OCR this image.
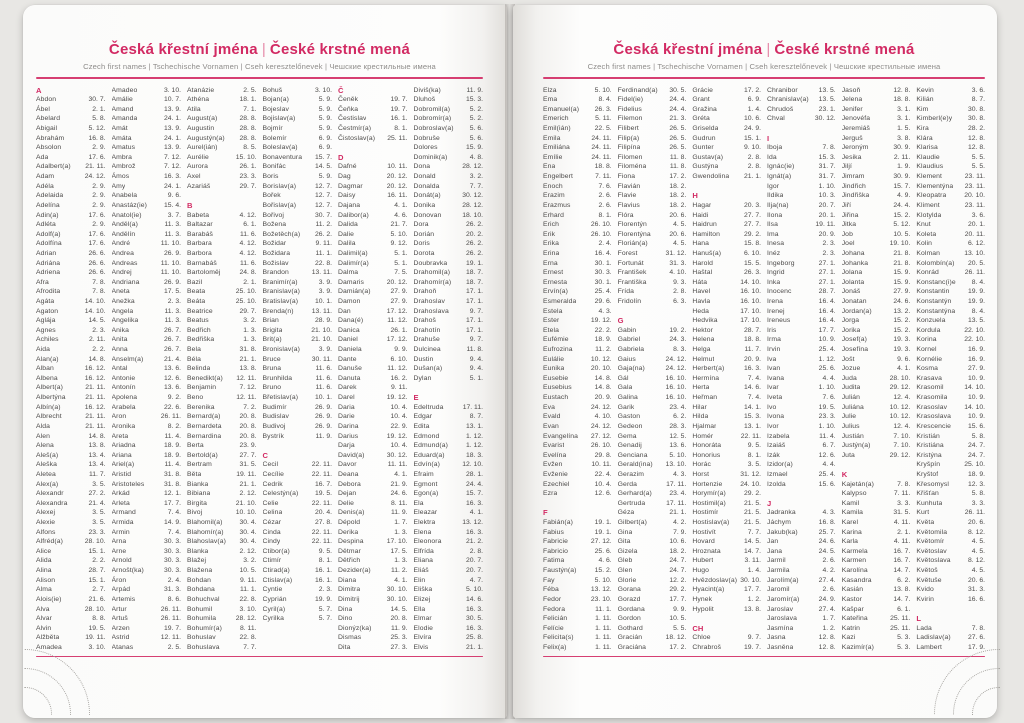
Česká křestní jména | České krstné mená
Czech first names | Tschechische Vornamen | Cseh keresztelőnevek | Чешские крестильные имена
A
Abdon	30. 7.
Ábel	2. 1.
Abelard	5. 8.
Abigail	5. 12.
Abrahám	16. 8.
Absolon	2. 9.
Ada	17. 6.
Adalbert(a) 21. 11.
Adam	24. 12.
Adéla	2. 9.
Adelaida	2. 9.
Adelína	2. 9.
Adin(a)	17. 6.
Adléta	2. 9.
Adolf(a)	17. 6.
Adolfína	17. 6.
Adrian	26. 6.
Adriána	26. 6.
Adriena	26. 6.
Afra	7. 8.
Afrodita	7. 8.
Agáta	14. 10.
Agaton	14. 10.
Aglája	14. 5.
Agnes	2. 3.
Achiles	2. 11.
Aida	2. 2.
Alan(a)	14. 8.
Alban	16. 12.
Albena	16. 12.
Albert(a)	21. 11.
Albertýna	21. 11.
Albín(a)	16. 12.
Albrecht	21. 11.
Alda	21. 11.
Alen	14. 8.
Alena	13. 8.
Aleš(a)	13. 4.
Aleška	13. 4.
Aletea	11. 7.
Alex(a)	3. 5.
Alexandr	27. 2.
Alexandra	21. 4.
Alexej	3. 5.
Alexie	3. 5.
Alfons	23. 3.
Alfréd(a)	28. 10.
Alice	15. 1.
Alida	2. 2.
Alina	28. 7.
Alison	15. 1.
Alma	2. 7.
Alois(ie)	21. 6.
Alva	28. 10.
Alvar	8. 8.
Alvin	19. 5.
Alžběta	19. 11.
Amadea	3. 10.
Amadeo	3. 10.
Amálie	10. 7.
Amand	13. 9.
Amanda	24. 1.
Amát	13. 9.
Amáta	24. 1.
Amatus	13. 9.
Ambra	7. 12.
Ambrož	7. 12.
Ámos	16. 3.
Amy	24. 1.
Anabela	9. 6.
Anastáz(ie)	15. 4.
Anatol(ie)	3. 7.
Anděl(a)	11. 3.
Andělín	11. 3.
André	11. 10.
Andrea	26. 9.
Andreas	11. 10.
Andrej	11. 10.
Andriana	26. 9.
Aneta	17. 5.
Anežka	2. 3.
Angela	11. 3.
Angelika	11. 3.
Anika	26. 7.
Anita	26. 7.
Anna	26. 7.
Anselm(a)	21. 4.
Antal	13. 6.
Antonie	12. 6.
Antonín	13. 6.
Apolena	9. 2.
Arabela	22. 6.
Aron	26. 11.
Aronika	8. 2.
Areta	11. 4.
Ariadna	18. 9.
Ariana	18. 9.
Ariel(a)	11. 4.
Aristid	31. 8.
Aristoteles	31. 8.
Arkád	12. 1.
Arleta	17. 7.
Armand	7. 4.
Armida	14. 9.
Armin	7. 4.
Arna	30. 3.
Arne	30. 3.
Arnold	30. 3.
Arnošt(ka)	30. 3.
Áron	2. 4.
Arpád	31. 3.
Artemis	8. 6.
Artur	26. 11.
Artuš	26. 11.
Arzen	19. 7.
Astrid	12. 11.
Atanas	2. 5.
Atanázie	2. 5.
Athéna	18. 1.
Atila	7. 1.
August(a)	28. 8.
Augustin	28. 8.
Augustýn(a) 28. 8.
Aurel(ián)	8. 5.
Aurélie	15. 10.
Aurora	26. 1.
Axel	23. 3.
Azariáš	29. 7.
B
Babeta	4. 12.
Baltazar	6. 1.
Barabáš	11. 6.
Barbara	4. 12.
Barbora	4. 12.
Barnabáš	11. 6.
Bartoloměj	24. 8.
Bazil	2. 1.
Beata	25. 10.
Beáta	25. 10.
Beatrice	29. 7.
Beatus	3. 2.
Bedřich	1. 3.
Bedřiška	1. 3.
Bela	31. 8.
Béla	21. 1.
Belinda	13. 8.
Benedikt(a) 12. 11.
Benjamin	7. 12.
Beno	12. 11.
Berenika	7. 2.
Bernard(a)	20. 8.
Bernardeta	20. 8.
Bernardina	20. 8.
Berta	23. 9.
Bertold(a)	27. 7.
Bertram	31. 5.
Běta	19. 11.
Bianka	21. 1.
Bibiana	2. 12.
Birgita	21. 10.
Bivoj	10. 10.
Blahomil(a)	30. 4.
Blahomír(a) 30. 4.
Blahoslav(a) 30. 4.
Blanka	2. 12.
Blažej	3. 2.
Blažena	10. 5.
Bohdan	9. 11.
Bohdana	11. 1.
Bohuchval	22. 8.
Bohumil	3. 10.
Bohumila	28. 12.
Bohumír(a)	8. 11.
Bohuslav	22. 8.
Bohuslava	7. 7.
Bohuš	3. 10.
Bojan(a)	5. 9.
Bojeslav	5. 9.
Bojislav(a)	5. 9.
Bojmír	5. 9.
Bolemír	6. 9.
Boleslav(a)	6. 9.
Bonaventura 15. 7.
Bonifác	14. 5.
Boris	5. 9.
Borislav(a)	12. 7.
Bořek	12. 7.
Bořislav(a)	12. 7.
Bořivoj	30. 7.
Božena	11. 2.
Božetěch(a) 26. 2.
Božidar	9. 11.
Božidara	11. 1.
Božislav	22. 8.
Brandon	13. 11.
Branimír(a)	3. 9.
Branislav(a)	3. 9.
Bratislav(a) 10. 1.
Brenda(n)	13. 11.
Brian	28. 9.
Brigita	21. 10.
Brit(a)	21. 10.
Bronislav(a)	3. 9.
Bruce	30. 11.
Bruna	11. 6.
Brunhilda	11. 6.
Bruno	11. 6.
Břetislav(a) 10. 1.
Budimír	26. 9.
Budislav	26. 9.
Budivoj	26. 9.
Bystrík	11. 9.
C
Cecil	22. 11.
Cecílie	22. 11.
Cedrik	16. 7.
Celestýn(a) 19. 5.
Celie	22. 11.
Celina	20. 4.
Cézar	27. 8.
Cinda	22. 11.
Cindy	22. 11.
Ctibor(a)	9. 5.
Ctimír	8. 1.
Ctirad(a)	16. 1.
Ctislav(a)	16. 1.
Cyntie	2. 3.
Cyprián	19. 9.
Cyril(a)	5. 7.
Cyrilka	5. 7.
Č
Čeněk	19. 7.
Čeňka	19. 7.
Čestislav	16. 1.
Čestmír(a)	8. 1.
Čistoslav(a) 25. 11.
D
Dafné	10. 11.
Dag	20. 12.
Dagmar	20. 12.
Daisy	16. 11.
Dajana	4. 1.
Dalibor(a)	4. 6.
Dalida	21. 7.
Dalie	5. 10.
Dalila	9. 12.
Dalimil(a)	5. 1.
Dalimír(a)	5. 1.
Dalma	7. 5.
Damaris	20. 12.
Damián(a)	27. 9.
Damon	27. 9.
Dan	17. 12.
Dana(é)	11. 12.
Danica	26. 1.
Daniel	17. 12.
Daniela	9. 9.
Dante	6. 10.
Danuše	11. 12.
Danuta	16. 2.
Darek	9. 11.
Darel	19. 12.
Daria	10. 4.
Darie	10. 4.
Darina	22. 9.
Darius	19. 12.
Darja	10. 4.
David(a)	30. 12.
Davor	11. 11.
Deana	4. 1.
Debora	21. 9.
Dejan	24. 6.
Delie	8. 11.
Denis(a)	11. 9.
Dépold	1. 7.
Derika	1. 3.
Despina	17. 10.
Dětmar	17. 5.
Dětřich	1. 3.
Dezider(a)	11. 2.
Diana	4. 1.
Dimitra	30. 10.
Dimitrij	30. 10.
Dina	14. 5.
Dino	20. 8.
Dionýz(ka)	11. 9.
Dismas	25. 3.
Dita	27. 3.
Diviš(ka)	11. 9.
Dluhoš	15. 3.
Dobromil(a)	5. 2.
Dobromír(a)	5. 2.
Dobroslav(a) 5. 6.
Dobruše	5. 6.
Dolores	15. 9.
Dominik(a)	4. 8.
Dona	28. 12.
Donald	3. 2.
Donalda	7. 7.
Donát(a)	30. 12.
Donika	28. 12.
Donovan	18. 10.
Dora	26. 2.
Dorián	20. 2.
Doris	26. 2.
Dorota	26. 2.
Doubravka	19. 1.
Drahomil(a) 18. 7.
Drahomír(a) 18. 7.
Drahoň	17. 1.
Drahoslav	17. 1.
Drahoslava	9. 7.
Drahoš	17. 1.
Drahotín	17. 1.
Drahuše	9. 7.
Dulcinea	11. 8.
Dustin	9. 4.
Dušan(a)	9. 4.
Dylan	5. 1.
E
Edeltruda	17. 11.
Edgar	8. 7.
Edita	13. 1.
Edmond	1. 12.
Edmund(a)	1. 12.
Eduard(a)	18. 3.
Edvín(a)	12. 10.
Efraim	28. 1.
Egmont	24. 4.
Egon(a)	15. 7.
Ela	16. 3.
Eleazar	4. 1.
Elektra	13. 12.
Elena	16. 3.
Eleonora	21. 2.
Elfrída	2. 8.
Eliana	20. 7.
Eliáš	20. 7.
Elin	4. 7.
Eliška	5. 10.
Elizej	14. 6.
Ella	16. 3.
Elmar	30. 5.
Elodie	16. 3.
Elvíra	25. 8.
Elvis	21. 1.
Česká křestní jména | České krstné mená
Czech first names | Tschechische Vornamen | Cseh keresztelőnevek | Чешские крестильные имена
Elza	5. 10.
Ema	8. 4.
Emanuel(a) 26. 3.
Emerich	5. 11.
Emil(ián)	22. 5.
Emila	24. 11.
Emiliána	24. 11.
Emílie	24. 11.
Ena	18. 8.
Engelbert	7. 11.
Enoch	7. 6.
Erazim	2. 6.
Erazmus	2. 6.
Erhard	8. 1.
Erich	26. 10.
Erik	26. 10.
Erika	2. 4.
Erina	16. 4.
Erna	30. 1.
Ernest	30. 3.
Ernesta	30. 1.
Ervín(a)	25. 4.
Esmeralda	29. 6.
Estela	4. 3.
Ester	19. 12.
Etela	22. 2.
Eufémie	18. 9.
Eufrozina	11. 2.
Eulálie	10. 12.
Eunika	20. 10.
Eusebie	14. 8.
Eusebius	14. 8.
Eustach	20. 9.
Eva	24. 12.
Evald	4. 10.
Evan	24. 12.
Evangelína 27. 12.
Evarist	26. 10.
Evelína	29. 8.
Evžen	10. 11.
Evženie	22. 4.
Ezechiel	10. 4.
Ezra	12. 6.
F
Fabián(a)	19. 1.
Fabius	19. 1.
Fabricie	27. 12.
Fabricio	25. 6.
Fatima	4. 6.
Faustýn(a)	15. 2.
Fay	5. 10.
Féba	13. 12.
Fedor	23. 10.
Fedora	11. 1.
Felicián	1. 11.
Felície	1. 11.
Felicita(s)	1. 11.
Felix(a)	1. 11.
Ferdinand(a) 30. 5.
Fidel(ie)	24. 4.
Fidelius	24. 4.
Filemon	21. 3.
Filibert	26. 5.
Filip(a)	26. 5.
Filipína	26. 5.
Filomen	11. 8.
Filoména	11. 8.
Fiona	17. 2.
Flavián	18. 2.
Flavie	18. 2.
Flavius	18. 2.
Flóra	20. 6.
Florentýn	4. 5.
Florentýna	20. 6.
Florián(a)	4. 5.
Forest	31. 12.
Fortunát	31. 3.
František	4. 10.
Františka	9. 3.
Frída	2. 8.
Fridolín	6. 3.
G
Gabin	19. 2.
Gabriel	24. 3.
Gabriela	8. 3.
Gaius	24. 12.
Gaja(na)	24. 12.
Gál	16. 10.
Gala	16. 10.
Galina	16. 10.
Garik	23. 4.
Gaston	6. 2.
Gedeon	28. 3.
Gema	12. 5.
Genadij	13. 6.
Genciana	5. 10.
Gerald(ina) 13. 10.
Gerazim	4. 3.
Gerda	17. 11.
Gerhard(a)	23. 4.
Gertruda	17. 11.
Géza	21. 1.
Gilbert(a)	4. 2.
Gina	7. 9.
Gita	10. 6.
Gizela	18. 2.
Gleb	24. 7.
Glen	24. 7.
Glorie	12. 2.
Gorana	29. 2.
Gorazd	17. 7.
Gordana	9. 9.
Gordon	10. 5.
Gothard	5. 5.
Gracián	18. 12.
Graciána	17. 2.
Grácie	17. 2.
Grant	6. 9.
Gražina	1. 4.
Gréta	10. 6.
Griselda	24. 9.
Gudrun	15. 1.
Gunter	9. 10.
Gustav(a)	2. 8.
Gustýna	2. 8.
Gwendolina 21. 1.
H
Hagar	20. 3.
Haidi	27. 7.
Haidrun	27. 7.
Hamilton	29. 2.
Hana	15. 8.
Hanuš(a)	6. 10.
Harold	15. 5.
Haštal	26. 3.
Háta	14. 10.
Havel	16. 10.
Havla	16. 10.
Heda	17. 10.
Hedvika	17. 10.
Hektor	28. 7.
Helena	18. 8.
Helga	11. 7.
Helmut	20. 9.
Herbert(a)	16. 3.
Hermína	7. 4.
Herta	14. 6.
Heřman	7. 4.
Hilar	14. 1.
Hilda	15. 3.
Hjalmar	13. 1.
Homér	22. 11.
Honoráta	9. 5.
Honorius	8. 1.
Horác	3. 5.
Horst	31. 12.
Hortenzie	24. 10.
Horymír(a)	29. 2.
Hostimil(a)	21. 5.
Hostimír	21. 5.
Hostislav(a) 21. 5.
Hostivít	7. 7.
Hovard	14. 5.
Hroznata	14. 7.
Hubert	3. 11.
Hugo	1. 4.
Hvězdoslav(a) 30. 10.
Hyacint(a)	17. 7.
Hynek	1. 2.
Hypolit	13. 8.
CH
Chloe	9. 7.
Chrabroš	19. 7.
Chranibor	13. 5.
Chranislav(a) 13. 5.
Chrudoš	23. 1.
Chval	30. 12.
I
Iboja	7. 8.
Ida	15. 3.
Ignác(ie)	31. 7.
Ignát(a)	31. 7.
Igor	1. 10.
Ildika	10. 3.
Ilja(na)	20. 7.
Ilona	20. 1.
Ilsa	19. 11.
Ima	20. 9.
Inesa	2. 3.
Inéz	2. 3.
Ingeborg	27. 1.
Ingrid	27. 1.
Inka	27. 1.
Inocenc	28. 7.
Irena	16. 4.
Irenej	16. 4.
Ireneus	16. 4.
Iris	17. 7.
Irma	10. 9.
Irvin	25. 4.
Iva	1. 12.
Ivan	25. 6.
Ivana	4. 4.
Ivar	1. 10.
Iveta	7. 6.
Ivo	19. 5.
Ivona	23. 3.
Ivor	1. 10.
Izabela	11. 4.
Izaiáš	6. 7.
Izák	12. 6.
Izidor(a)	4. 4.
Izmael	25. 4.
Izolda	15. 6.
J
Jadranka	4. 3.
Jáchym	16. 8.
Jakub(ka)	25. 7.
Jan	24. 6.
Jana	24. 5.
Jarmil	2. 6.
Jarmila	4. 2.
Jarolím(a)	27. 4.
Jaromil	2. 6.
Jaromír(a)	24. 9.
Jaroslav	27. 4.
Jaroslava	1. 7.
Jasmína	1. 2.
Jasna	12. 8.
Jasněna	12. 8.
Jasoň	12. 8.
Jelena	18. 8.
Jenifer	3. 1.
Jenovéfa	3. 1.
Jeremiáš	1. 5.
Jerguš	3. 8.
Jeroným	30. 9.
Jesika	2. 11.
Jiljí	1. 9.
Jimram	30. 9.
Jindřich	15. 7.
Jindřiška	4. 9.
Jiří	24. 4.
Jiřina	15. 2.
Jitka	5. 12.
Job	10. 5.
Joel	19. 10.
Johana	21. 8.
Johanka	21. 8.
Jolana	15. 9.
Jolanta	15. 9.
Jonáš	27. 9.
Jonatan	24. 6.
Jordan(a)	13. 2.
Jorga	15. 2.
Jorika	15. 2.
Josef(a)	19. 3.
Josefína	19. 3.
Jošt	9. 6.
Jozue	4. 1.
Juda	28. 10.
Judita	29. 12.
Julián	12. 4.
Juliána	10. 12.
Julie	10. 12.
Julius	12. 4.
Justián	7. 10.
Justýn(a)	7. 10.
Juta	29. 12.
K
Kajetán(a)	7. 8.
Kalypso	7. 11.
Kamil	3. 3.
Kamila	31. 5.
Karel	4. 11.
Karina	2. 1.
Karla	4. 11.
Karmela	16. 7.
Karmen	16. 7.
Karolína	14. 7.
Kasandra	6. 2.
Kasián	13. 8.
Kastor	14. 7.
Kašpar	6. 1.
Kateřina	25. 11.
Katrin	25. 11.
Kazi	5. 3.
Kazimír(a)	5. 3.
Kevin	3. 6.
Kilián	8. 7.
Kim	30. 8.
Kimberl(e)y 30. 8.
Kira	28. 2.
Klára	12. 8.
Klarisa	12. 8.
Klaudie	5. 5.
Klaudius	5. 5.
Klement	23. 11.
Klementýna 23. 11.
Kleopatra	20. 10.
Kliment	23. 11.
Klotylda	3. 6.
Knut	20. 1.
Koleta	20. 11.
Kolin	6. 12.
Kolman	13. 10.
Kolombín(a) 20. 5.
Konrád	26. 11.
Konstanc(i)e 8. 4.
Konstantin	19. 9.
Konstantýn 19. 9.
Konstantýna 8. 4.
Konzuela	13. 5.
Kordula	22. 10.
Korina	22. 10.
Kornel	16. 9.
Kornélie	16. 9.
Kosma	27. 9.
Krasava	10. 9.
Krasomil	14. 10.
Krasomila	10. 9.
Krasoslav	14. 10.
Krasoslava	10. 9.
Krescencie	15. 6.
Kristián	5. 8.
Kristiána	24. 7.
Kristýna	24. 7.
Kryšpín	25. 10.
Kryštof	18. 9.
Křesomysl	12. 3.
Křišťan	5. 8.
Kunhuta	3. 3.
Kurt	26. 11.
Květa	20. 6.
Květomila	8. 12.
Květomír	4. 5.
Květoslav	4. 5.
Květoslava	8. 12.
Květoš	4. 5.
Květuše	20. 6.
Kvido	31. 3.
Kvirin	16. 6.
L
Lada	7. 8.
Ladislav(a)	27. 6.
Lambert	17. 9.
